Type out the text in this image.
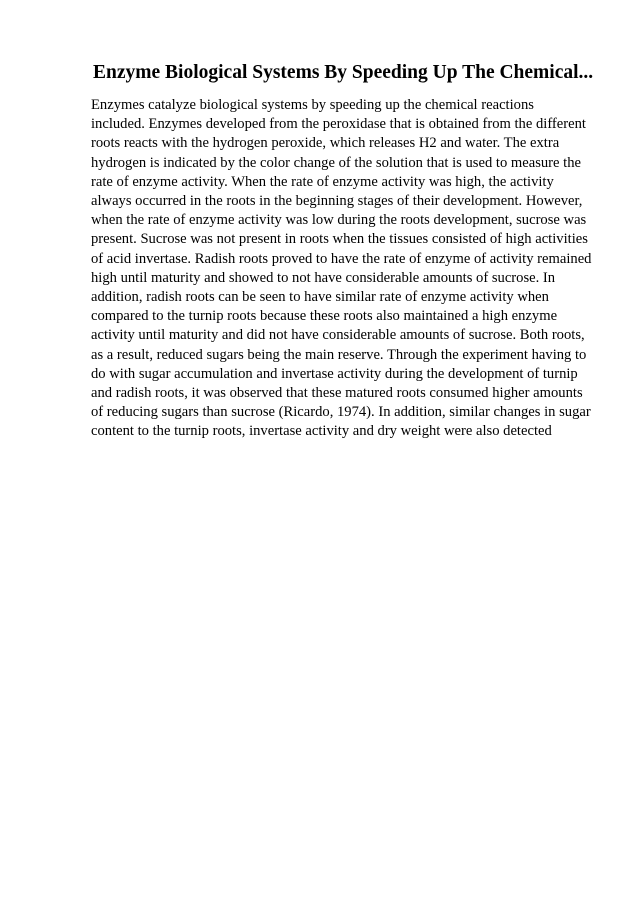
Enzyme Biological Systems By Speeding Up The Chemical...
Enzymes catalyze biological systems by speeding up the chemical reactions
included. Enzymes developed from the peroxidase that is obtained from the different
roots reacts with the hydrogen peroxide, which releases H2 and water. The extra
hydrogen is indicated by the color change of the solution that is used to measure the
rate of enzyme activity. When the rate of enzyme activity was high, the activity
always occurred in the roots in the beginning stages of their development. However,
when the rate of enzyme activity was low during the roots development, sucrose was
present. Sucrose was not present in roots when the tissues consisted of high activities
of acid invertase. Radish roots proved to have the rate of enzyme of activity remained
high until maturity and showed to not have considerable amounts of sucrose. In
addition, radish roots can be seen to have similar rate of enzyme activity when
compared to the turnip roots because these roots also maintained a high enzyme
activity until maturity and did not have considerable amounts of sucrose. Both roots,
as a result, reduced sugars being the main reserve. Through the experiment having to
do with sugar accumulation and invertase activity during the development of turnip
and radish roots, it was observed that these matured roots consumed higher amounts
of reducing sugars than sucrose (Ricardo, 1974). In addition, similar changes in sugar
content to the turnip roots, invertase activity and dry weight were also detected
